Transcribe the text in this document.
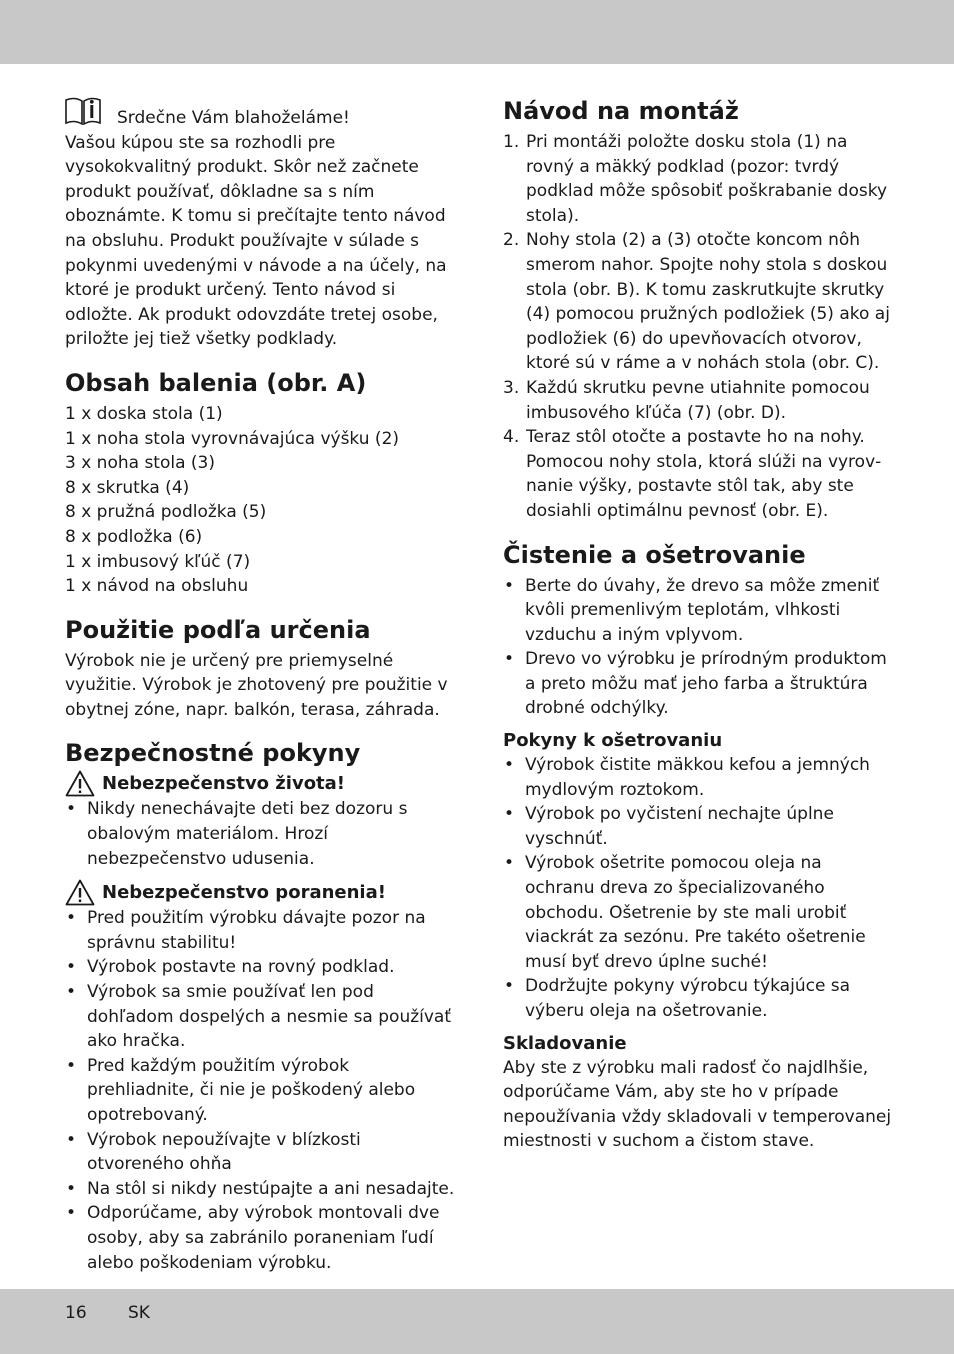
Srdečne Vám blahoželáme!

Vašou kúpou ste sa rozhodli pre vysokokvalitný produkt. Skôr než začnete produkt používať, dôkladne sa s ním oboznámte. K tomu si prečítajte tento návod na obsluhu. Produkt používajte v súlade s pokynmi uvedenými v návode a na účely, na ktoré je produkt určený. Tento návod si odložte. Ak produkt odovzdáte tretej osobe, priložte jej tiež všetky podklady.

Obsah balenia (obr. A)
1 x doska stola (1)
1 x noha stola vyrovnávajúca výšku (2)
3 x noha stola (3)
8 x skrutka (4)
8 x pružná podložka (5)
8 x podložka (6)
1 x imbusový kľúč (7)
1 x návod na obsluhu
Použitie podľa určenia

Výrobok nie je určený pre priemyselné využitie. Výrobok je zhotovený pre použitie v obytnej zóne, napr. balkón, terasa, záhrada.

Bezpečnostné pokyny
Nebezpečenstvo života!
• Nikdy nenechávajte deti bez dozoru s obalovým materiálom. Hrozí nebezpečenstvo udusenia.
Nebezpečenstvo poranenia!
• Pred použitím výrobku dávajte pozor na správnu stabilitu!
• Výrobok postavte na rovný podklad.
• Výrobok sa smie používať len pod dohľadom dospelých a nesmie sa používať ako hračka.
• Pred každým použitím výrobok prehliadnite, či nie je poškodený alebo opotrebovaný.
• Výrobok nepoužívajte v blízkosti otvoreného ohňa
• Na stôl si nikdy nestúpajte a ani nesadajte.
• Odporúčame, aby výrobok montovali dve osoby, aby sa zabránilo poraneniam ľudí alebo poškodeniam výrobku.
Návod na montáž
1. Pri montáži položte dosku stola (1) na rovný a mäkký podklad (pozor: tvrdý podklad môže spôsobiť poškrabanie dosky stola).
2. Nohy stola (2) a (3) otočte koncom nôh smerom nahor. Spojte nohy stola s doskou stola (obr. B). K tomu zaskrutkujte skrutky (4) pomocou pružných podložiek (5) ako aj podložiek (6) do upevňovacích otvorov, ktoré sú v ráme a v nohách stola (obr. C).
3. Každú skrutku pevne utiahnite pomocou imbusového kľúča (7) (obr. D).
4. Teraz stôl otočte a postavte ho na nohy. Pomocou nohy stola, ktorá slúži na vyrovnanie výšky, postavte stôl tak, aby ste dosiahli optimálnu pevnosť (obr. E).
Čistenie a ošetrovanie
• Berte do úvahy, že drevo sa môže zmeniť kvôli premenlivým teplotám, vlhkosti vzduchu a iným vplyvom.
• Drevo vo výrobku je prírodným produktom a preto môžu mať jeho farba a štruktúra drobné odchýlky.
Pokyny k ošetrovaniu
• Výrobok čistite mäkkou kefou a jemných mydlovým roztokom.
• Výrobok po vyčistení nechajte úplne vyschnúť.
• Výrobok ošetrite pomocou oleja na ochranu dreva zo špecializovaného obchodu. Ošetrenie by ste mali urobiť viackrát za sezónu. Pre takéto ošetrenie musí byť drevo úplne suché!
• Dodržujte pokyny výrobcu týkajúce sa výberu oleja na ošetrovanie.
Skladovanie

Aby ste z výrobku mali radosť čo najdlhšie, odporúčame Vám, aby ste ho v prípade nepoužívania vždy skladovali v temperovanej miestnosti v suchom a čistom stave.

16 SK
